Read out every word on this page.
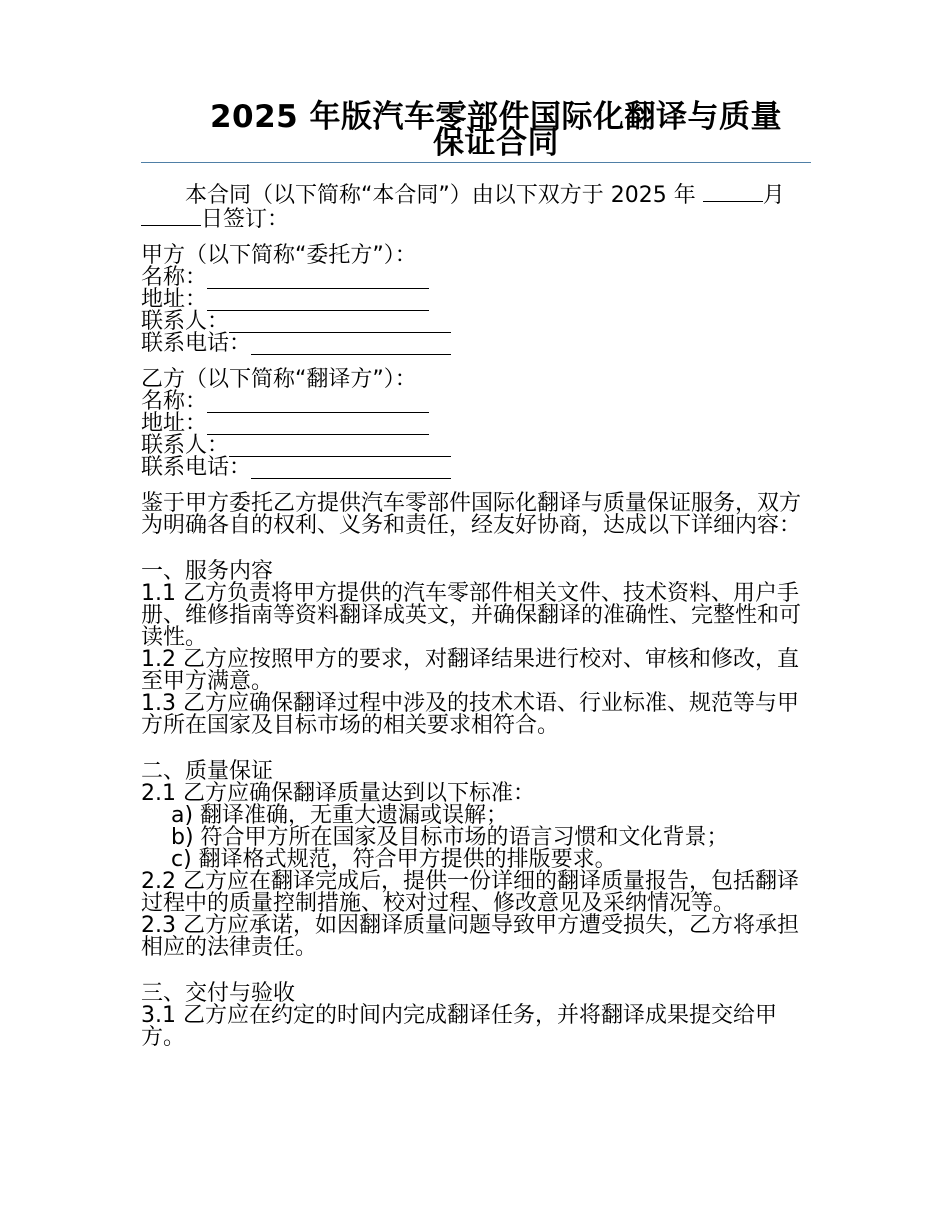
2025 年版汽车零部件国际化翻译与质量
保证合同

本合同（以下简称“本合同”）由以下双方于 2025 年	月日签订：

甲方（以下简称“委托方”）：

名称：
地址：
联系人：
联系电话：

乙方（以下简称“翻译方”）：

名称：
地址：
联系人：
联系电话：

鉴于甲方委托乙方提供汽车零部件国际化翻译与质量保证服务，双方为明确各自的权利、义务和责任，经友好协商，达成以下详细内容：

一、服务内容

1.1 乙方负责将甲方提供的汽车零部件相关文件、技术资料、用户手册、维修指南等资料翻译成英文，并确保翻译的准确性、完整性和可读性。

1.2 乙方应按照甲方的要求，对翻译结果进行校对、审核和修改，直至甲方满意。

1.3 乙方应确保翻译过程中涉及的技术术语、行业标准、规范等与甲方所在国家及目标市场的相关要求相符合。

二、质量保证

2.1 乙方应确保翻译质量达到以下标准：

a) 翻译准确，无重大遗漏或误解；

b) 符合甲方所在国家及目标市场的语言习惯和文化背景；

c) 翻译格式规范，符合甲方提供的排版要求。

2.2 乙方应在翻译完成后，提供一份详细的翻译质量报告，包括翻译过程中的质量控制措施、校对过程、修改意见及采纳情况等。

2.3 乙方应承诺，如因翻译质量问题导致甲方遭受损失，乙方将承担相应的法律责任。

三、交付与验收

3.1 乙方应在约定的时间内完成翻译任务，并将翻译成果提交给甲方。
